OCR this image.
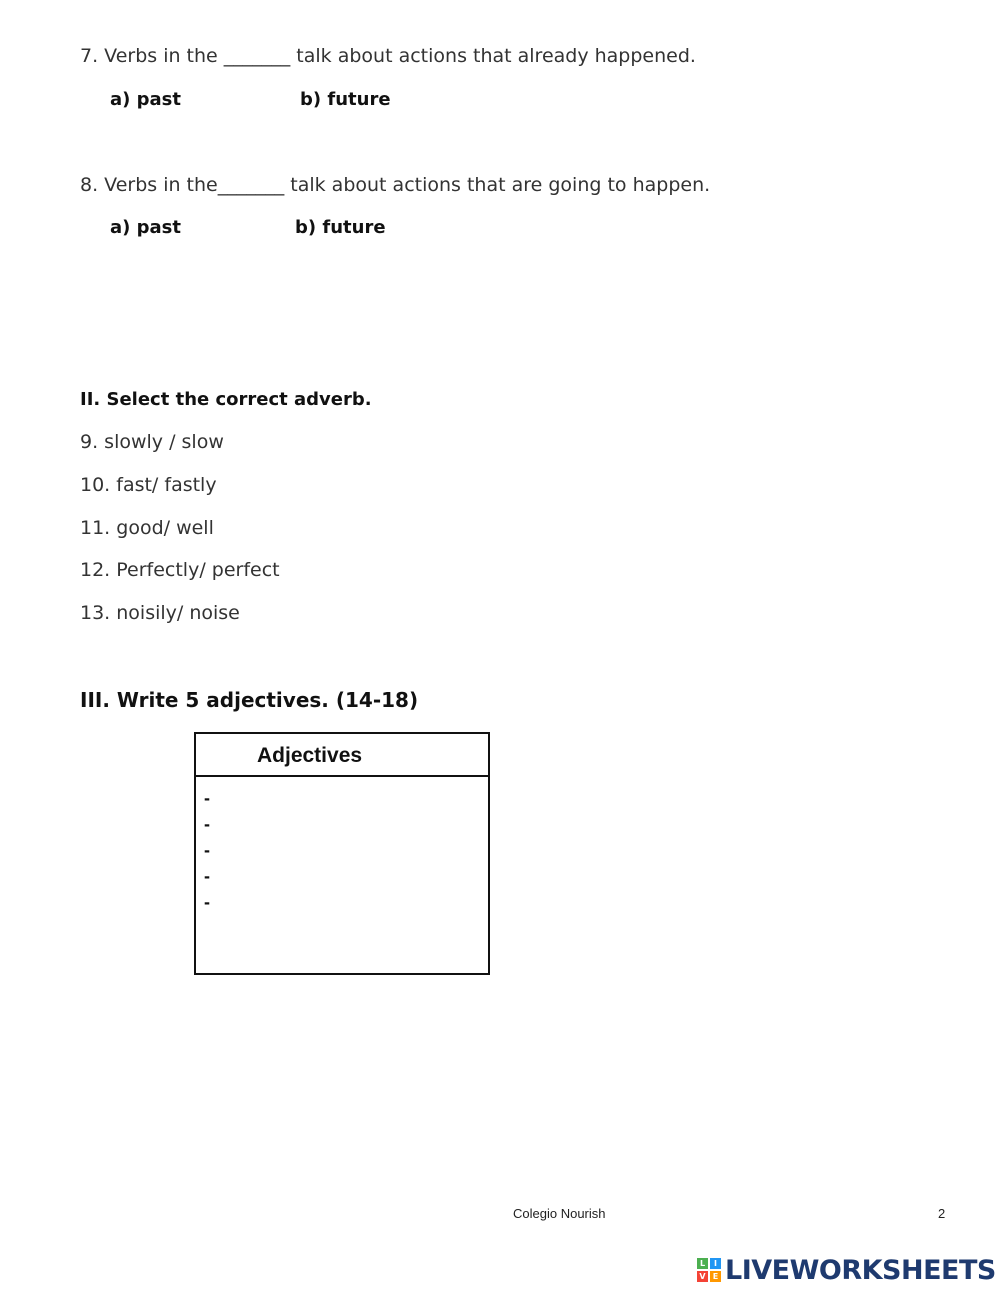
7. Verbs in the _______ talk about actions that already happened.
a) past	b) future
8. Verbs in the_______ talk about actions that are going to happen.
a) past	b) future
II. Select the correct adverb.
9. slowly / slow
10. fast/ fastly
11. good/ well
12. Perfectly/ perfect
13. noisily/ noise
III. Write 5 adjectives. (14-18)
Adjectives
-
-
-
-
-
Colegio Nourish	2
L	I
V E LIVEWORKSHEETS
